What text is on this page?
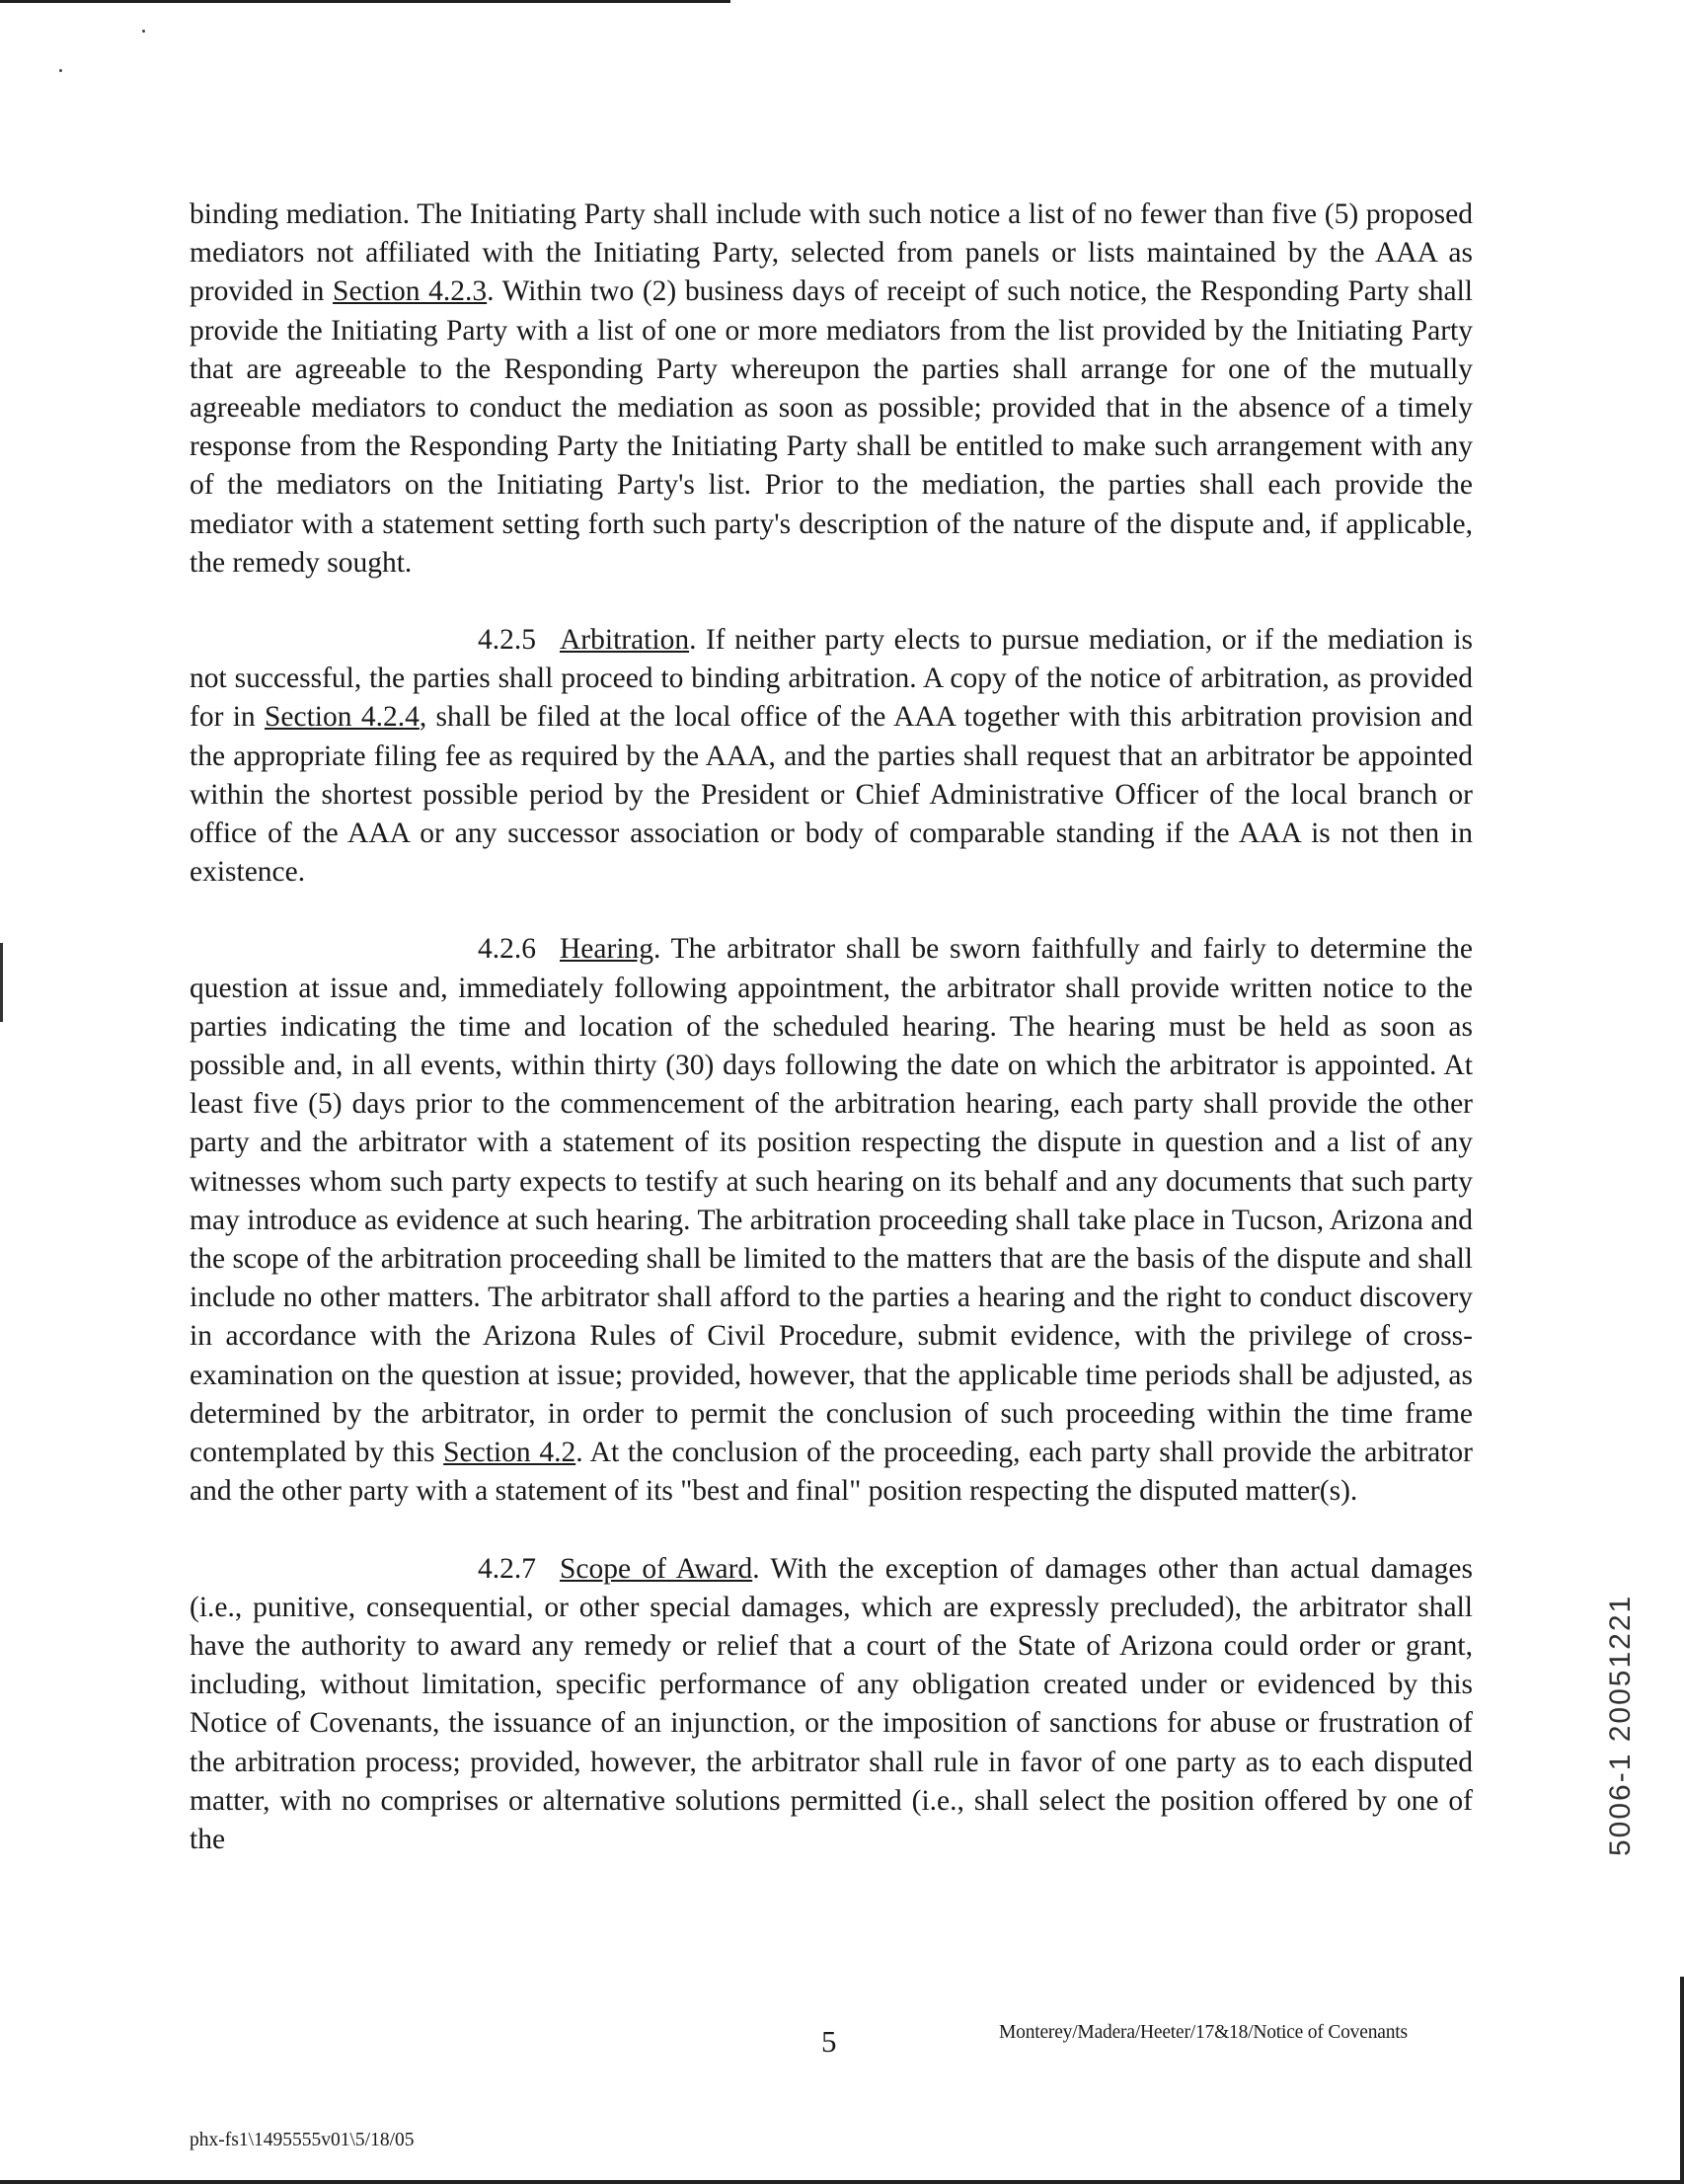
binding mediation. The Initiating Party shall include with such notice a list of no fewer than five (5) proposed mediators not affiliated with the Initiating Party, selected from panels or lists maintained by the AAA as provided in Section 4.2.3. Within two (2) business days of receipt of such notice, the Responding Party shall provide the Initiating Party with a list of one or more mediators from the list provided by the Initiating Party that are agreeable to the Responding Party whereupon the parties shall arrange for one of the mutually agreeable mediators to conduct the mediation as soon as possible; provided that in the absence of a timely response from the Responding Party the Initiating Party shall be entitled to make such arrangement with any of the mediators on the Initiating Party's list. Prior to the mediation, the parties shall each provide the mediator with a statement setting forth such party's description of the nature of the dispute and, if applicable, the remedy sought.

4.2.5 Arbitration. If neither party elects to pursue mediation, or if the mediation is not successful, the parties shall proceed to binding arbitration. A copy of the notice of arbitration, as provided for in Section 4.2.4, shall be filed at the local office of the AAA together with this arbitration provision and the appropriate filing fee as required by the AAA, and the parties shall request that an arbitrator be appointed within the shortest possible period by the President or Chief Administrative Officer of the local branch or office of the AAA or any successor association or body of comparable standing if the AAA is not then in existence.

4.2.6 Hearing. The arbitrator shall be sworn faithfully and fairly to determine the question at issue and, immediately following appointment, the arbitrator shall provide written notice to the parties indicating the time and location of the scheduled hearing. The hearing must be held as soon as possible and, in all events, within thirty (30) days following the date on which the arbitrator is appointed. At least five (5) days prior to the commencement of the arbitration hearing, each party shall provide the other party and the arbitrator with a statement of its position respecting the dispute in question and a list of any witnesses whom such party expects to testify at such hearing on its behalf and any documents that such party may introduce as evidence at such hearing. The arbitration proceeding shall take place in Tucson, Arizona and the scope of the arbitration proceeding shall be limited to the matters that are the basis of the dispute and shall include no other matters. The arbitrator shall afford to the parties a hearing and the right to conduct discovery in accordance with the Arizona Rules of Civil Procedure, submit evidence, with the privilege of cross-examination on the question at issue; provided, however, that the applicable time periods shall be adjusted, as determined by the arbitrator, in order to permit the conclusion of such proceeding within the time frame contemplated by this Section 4.2. At the conclusion of the proceeding, each party shall provide the arbitrator and the other party with a statement of its "best and final" position respecting the disputed matter(s).

4.2.7 Scope of Award. With the exception of damages other than actual damages (i.e., punitive, consequential, or other special damages, which are expressly precluded), the arbitrator shall have the authority to award any remedy or relief that a court of the State of Arizona could order or grant, including, without limitation, specific performance of any obligation created under or evidenced by this Notice of Covenants, the issuance of an injunction, or the imposition of sanctions for abuse or frustration of the arbitration process; provided, however, the arbitrator shall rule in favor of one party as to each disputed matter, with no comprises or alternative solutions permitted (i.e., shall select the position offered by one of the	5006-1 20051221
5	Monterey/Madera/Heeter/17&18/Notice of Covenants
phx-fs1\1495555v01\5/18/05
